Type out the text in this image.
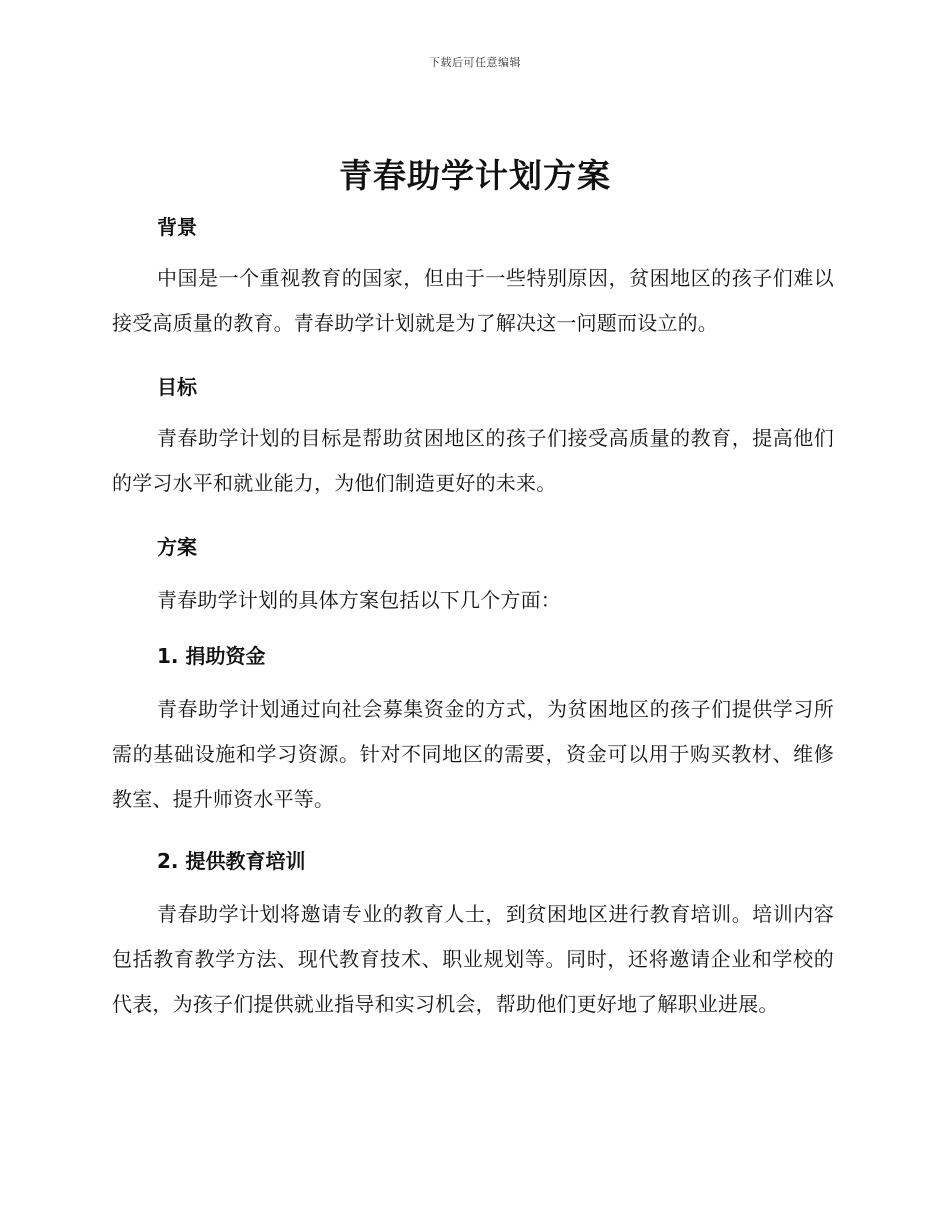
下载后可任意编辑
青春助学计划方案
背景

中国是一个重视教育的国家，但由于一些特别原因，贫困地区的孩子们难以接受高质量的教育。青春助学计划就是为了解决这一问题而设立的。

目标

青春助学计划的目标是帮助贫困地区的孩子们接受高质量的教育，提高他们的学习水平和就业能力，为他们制造更好的未来。

方案

青春助学计划的具体方案包括以下几个方面：

1. 捐助资金

青春助学计划通过向社会募集资金的方式，为贫困地区的孩子们提供学习所需的基础设施和学习资源。针对不同地区的需要，资金可以用于购买教材、维修教室、提升师资水平等。

2. 提供教育培训

青春助学计划将邀请专业的教育人士，到贫困地区进行教育培训。培训内容包括教育教学方法、现代教育技术、职业规划等。同时，还将邀请企业和学校的代表，为孩子们提供就业指导和实习机会，帮助他们更好地了解职业进展。
